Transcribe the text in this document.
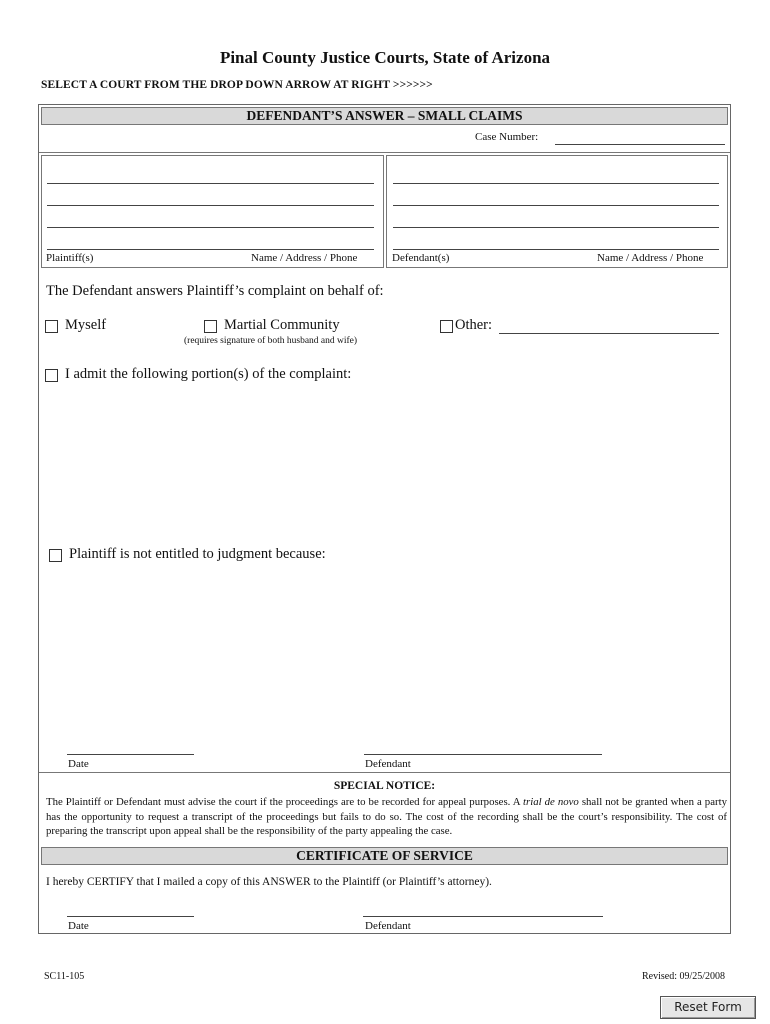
Pinal County Justice Courts, State of Arizona
SELECT A COURT FROM THE DROP DOWN ARROW AT RIGHT >>>>>>
DEFENDANT’S ANSWER – SMALL CLAIMS
Case Number:
Plaintiff(s)	Name / Address / Phone	Defendant(s)	Name / Address / Phone
The Defendant answers Plaintiff’s complaint on behalf of:
Myself	Martial Community
(requires signature of both husband and wife)
Other:
I admit the following portion(s) of the complaint:
Plaintiff is not entitled to judgment because:
Date	Defendant
SPECIAL NOTICE:
The Plaintiff or Defendant must advise the court if the proceedings are to be recorded for appeal purposes. A trial de novo shall not be granted when a party has the opportunity to request a transcript of the proceedings but fails to do so. The cost of the recording shall be the court’s responsibility. The cost of preparing the transcript upon appeal shall be the responsibility of the party appealing the case.
CERTIFICATE OF SERVICE
I hereby CERTIFY that I mailed a copy of this ANSWER to the Plaintiff (or Plaintiff’s attorney).
Date	Defendant
SC11-105	Revised: 09/25/2008
Reset Form
